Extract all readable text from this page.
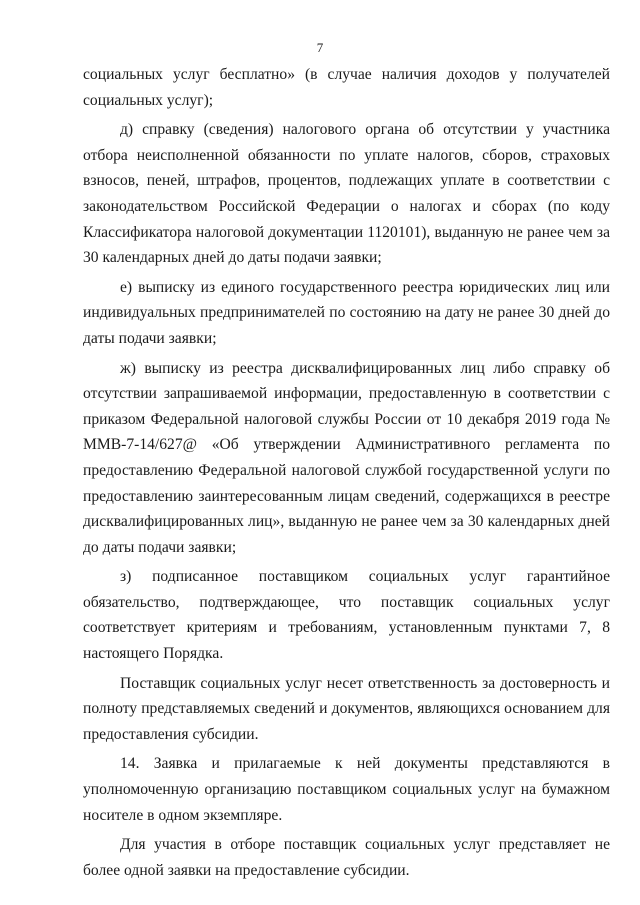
7

социальных услуг бесплатно» (в случае наличия доходов у получателей социальных услуг);

д) справку (сведения) налогового органа об отсутствии у участника отбора неисполненной обязанности по уплате налогов, сборов, страховых взносов, пеней, штрафов, процентов, подлежащих уплате в соответствии с законодательством Российской Федерации о налогах и сборах (по коду Классификатора налоговой документации 1120101), выданную не ранее чем за 30 календарных дней до даты подачи заявки;

е) выписку из единого государственного реестра юридических лиц или индивидуальных предпринимателей по состоянию на дату не ранее 30 дней до даты подачи заявки;

ж) выписку из реестра дисквалифицированных лиц либо справку об отсутствии запрашиваемой информации, предоставленную в соответствии с приказом Федеральной налоговой службы России от 10 декабря 2019 года № ММВ-7-14/627@ «Об утверждении Административного регламента по предоставлению Федеральной налоговой службой государственной услуги по предоставлению заинтересованным лицам сведений, содержащихся в реестре дисквалифицированных лиц», выданную не ранее чем за 30 календарных дней до даты подачи заявки;

з) подписанное поставщиком социальных услуг гарантийное обязательство, подтверждающее, что поставщик социальных услуг соответствует критериям и требованиям, установленным пунктами 7, 8 настоящего Порядка.

Поставщик социальных услуг несет ответственность за достоверность и полноту представляемых сведений и документов, являющихся основанием для предоставления субсидии.

14. Заявка и прилагаемые к ней документы представляются в уполномоченную организацию поставщиком социальных услуг на бумажном носителе в одном экземпляре.

Для участия в отборе поставщик социальных услуг представляет не более одной заявки на предоставление субсидии.
